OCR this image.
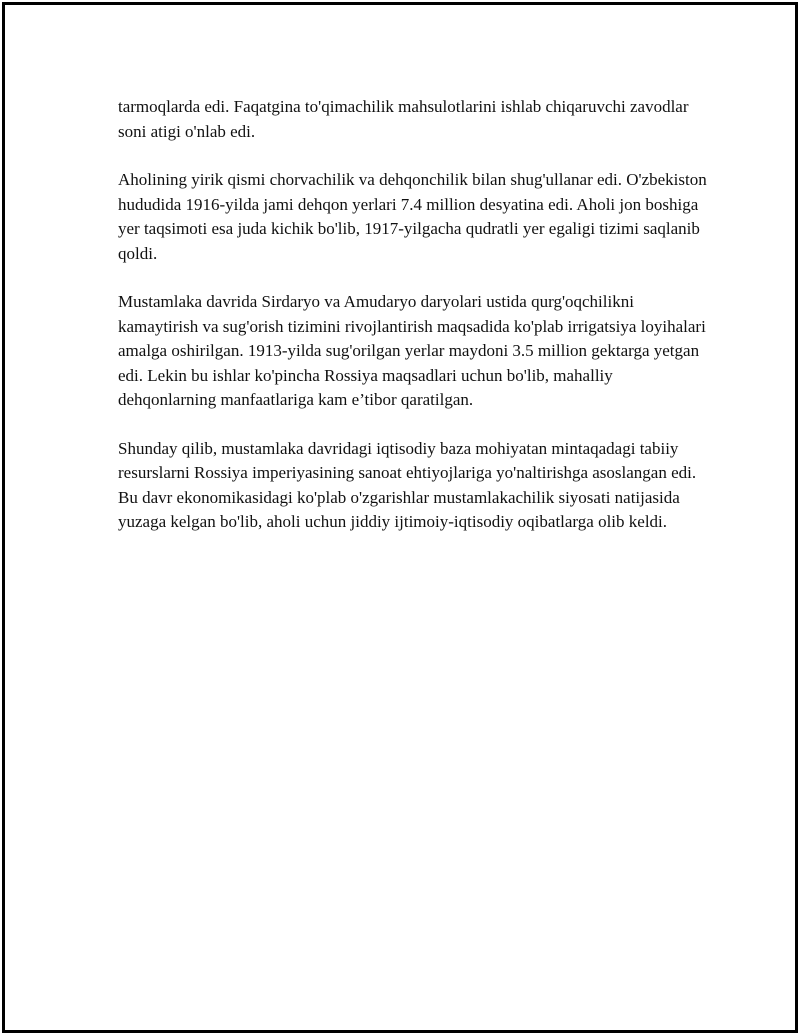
tarmoqlarda edi. Faqatgina to'qimachilik mahsulotlarini ishlab chiqaruvchi zavodlar soni atigi o'nlab edi.

Aholining yirik qismi chorvachilik va dehqonchilik bilan shug'ullanar edi. O'zbekiston hududida 1916-yilda jami dehqon yerlari 7.4 million desyatina edi. Aholi jon boshiga yer taqsimoti esa juda kichik bo'lib, 1917-yilgacha qudratli yer egaligi tizimi saqlanib qoldi.

Mustamlaka davrida Sirdaryo va Amudaryo daryolari ustida qurg'oqchilikni kamaytirish va sug'orish tizimini rivojlantirish maqsadida ko'plab irrigatsiya loyihalari amalga oshirilgan. 1913-yilda sug'orilgan yerlar maydoni 3.5 million gektarga yetgan edi. Lekin bu ishlar ko'pincha Rossiya maqsadlari uchun bo'lib, mahalliy dehqonlarning manfaatlariga kam e’tibor qaratilgan.

Shunday qilib, mustamlaka davridagi iqtisodiy baza mohiyatan mintaqadagi tabiiy resurslarni Rossiya imperiyasining sanoat ehtiyojlariga yo'naltirishga asoslangan edi. Bu davr ekonomikasidagi ko'plab o'zgarishlar mustamlakachilik siyosati natijasida yuzaga kelgan bo'lib, aholi uchun jiddiy ijtimoiy-iqtisodiy oqibatlarga olib keldi.
